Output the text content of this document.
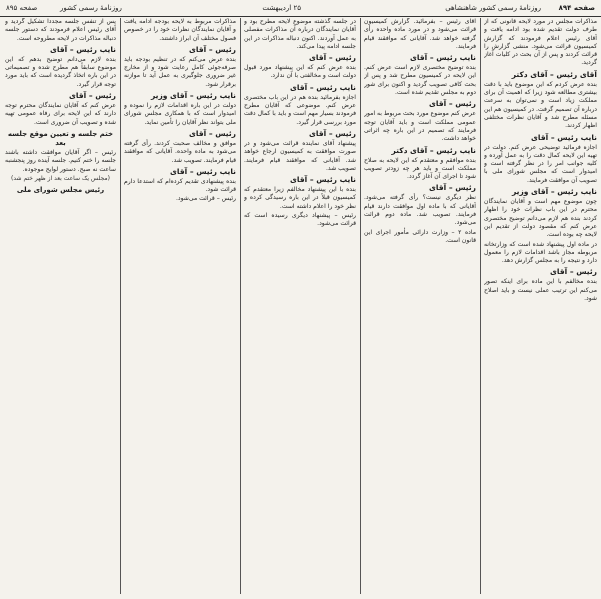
صفحه ۸۹۴
روزنامهٔ رسمی کشور شاهنشاهی
۲۵ اردیبهشت
روزنامهٔ رسمی کشور
صفحه ۸۹۵

مذاکرات مجلس در مورد لایحه قانونی که از طرف دولت تقدیم شده بود ادامه یافت و آقای رئیس اعلام فرمودند که گزارش کمیسیون قرائت می‌شود. منشی گزارش را قرائت کردند و پس از آن بحث در کلیات آغاز گردید.

آقای رئیس – آقای دکتر

بنده عرض کردم که این موضوع باید با دقت بیشتری مطالعه شود زیرا که اهمیت آن برای مملکت زیاد است و نمی‌توان به سرعت درباره آن تصمیم گرفت. در کمیسیون هم این مسئله مطرح شد و آقایان نظرات مختلفی اظهار کردند.

نایب رئیس – آقای

اجازه فرمائید توضیحی عرض کنم. دولت در تهیه این لایحه کمال دقت را به عمل آورده و کلیه جوانب امر را در نظر گرفته است و امیدوار است که مجلس شورای ملی با تصویب آن موافقت فرمایند.

نایب رئیس – آقای وزیر

چون موضوع مهم است و آقایان نمایندگان محترم در این باب نظرات خود را اظهار کردند بنده هم لازم می‌دانم توضیح مختصری عرض کنم که مقصود دولت از تقدیم این لایحه چه بوده است.

در ماده اول پیشنهاد شده است که وزارتخانه مربوطه مجاز باشد اقدامات لازم را معمول دارد و نتیجه را به مجلس گزارش دهد.

رئیس – آقای

بنده مخالفم با این ماده برای اینکه تصور می‌کنم این ترتیب عملی نیست و باید اصلاح شود.

آقای رئیس – بفرمائید. گزارش کمیسیون قرائت می‌شود و در مورد ماده واحده رأی گرفته خواهد شد. آقایانی که موافقند قیام فرمایند.

نایب رئیس – آقای

بنده توضیح مختصری لازم است عرض کنم. این لایحه در کمیسیون مطرح شد و پس از بحث کافی تصویب گردید و اکنون برای شور دوم به مجلس تقدیم شده است.

رئیس – آقای

عرض کنم موضوع مورد بحث مربوط به امور عمومی مملکت است و باید آقایان توجه فرمایند که تصمیم در این باره چه اثراتی خواهد داشت.

نایب رئیس – آقای دکتر

بنده موافقم و معتقدم که این لایحه به صلاح مملکت است و باید هر چه زودتر تصویب شود تا اجرای آن آغاز گردد.

رئیس – آقای

نظر دیگری نیست؟ رأی گرفته می‌شود. آقایانی که با ماده اول موافقت دارند قیام فرمایند. تصویب شد. ماده دوم قرائت می‌شود.

ماده ۲ – وزارت دارائی مأمور اجرای این قانون است.

در جلسه گذشته موضوع لایحه مطرح بود و آقایان نمایندگان درباره آن مذاکرات مفصلی به عمل آوردند. اکنون دنباله مذاکرات در این جلسه ادامه پیدا می‌کند.

رئیس – آقای

بنده عرض کنم که این پیشنهاد مورد قبول دولت است و مخالفتی با آن ندارد.

نایب رئیس – آقای

اجازه بفرمائید بنده هم در این باب مختصری عرض کنم. موضوعی که آقایان مطرح فرمودند بسیار مهم است و باید با کمال دقت مورد بررسی قرار گیرد.

رئیس – آقای

پیشنهاد آقای نماینده قرائت می‌شود و در صورت موافقت به کمیسیون ارجاع خواهد شد. آقایانی که موافقند قیام فرمایند. تصویب شد.

نایب رئیس – آقای

بنده با این پیشنهاد مخالفم زیرا معتقدم که کمیسیون قبلاً در این باره رسیدگی کرده و نظر خود را اعلام داشته است.

رئیس – پیشنهاد دیگری رسیده است که قرائت می‌شود.

مذاکرات مربوط به لایحه بودجه ادامه یافت و آقایان نمایندگان نظرات خود را در خصوص فصول مختلف آن ابراز داشتند.

رئیس – آقای

بنده عرض می‌کنم که در تنظیم بودجه باید صرفه‌جوئی کامل رعایت شود و از مخارج غیر ضروری جلوگیری به عمل آید تا موازنه برقرار شود.

نایب رئیس – آقای وزیر

دولت در این باره اقدامات لازم را نموده و امیدوار است که با همکاری مجلس شورای ملی بتواند نظر آقایان را تأمین نماید.

رئیس – آقای

موافق و مخالف صحبت کردند. رأی گرفته می‌شود به ماده واحده. آقایانی که موافقند قیام فرمایند. تصویب شد.

نایب رئیس – آقای

بنده پیشنهادی تقدیم کرده‌ام که استدعا دارم قرائت شود.

رئیس – قرائت می‌شود.

پس از تنفس جلسه مجدداً تشکیل گردید و آقای رئیس اعلام فرمودند که دستور جلسه دنباله مذاکرات در لایحه مطروحه است.

نایب رئیس – آقای

بنده لازم می‌دانم توضیح بدهم که این موضوع سابقاً هم مطرح شده و تصمیماتی در این باره اتخاذ گردیده است که باید مورد توجه قرار گیرد.

رئیس – آقای

عرض کنم که آقایان نمایندگان محترم توجه دارند که این لایحه برای رفاه عمومی تهیه شده و تصویب آن ضروری است.

ختم جلسه و تعیین موقع جلسه بعد

رئیس – اگر آقایان موافقت داشته باشند جلسه را ختم کنیم. جلسه آینده روز پنجشنبه ساعت نه صبح. دستور لوایح موجوده.

(مجلس یک ساعت بعد از ظهر ختم شد)

رئیس مجلس شورای ملی
